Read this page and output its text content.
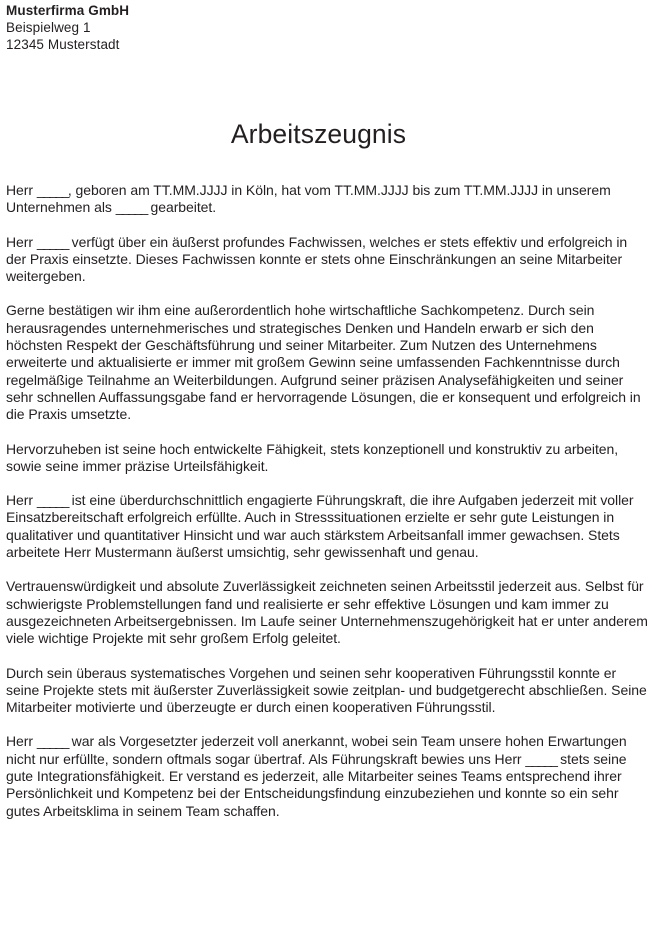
Musterfirma GmbH
Beispielweg 1
12345 Musterstadt
Arbeitszeugnis

Herr _____, geboren am TT.MM.JJJJ in Köln, hat vom TT.MM.JJJJ bis zum TT.MM.JJJJ in unserem Unternehmen als _____ gearbeitet.

Herr _____ verfügt über ein äußerst profundes Fachwissen, welches er stets effektiv und erfolgreich in der Praxis einsetzte. Dieses Fachwissen konnte er stets ohne Einschränkungen an seine Mitarbeiter weitergeben.

Gerne bestätigen wir ihm eine außerordentlich hohe wirtschaftliche Sachkompetenz. Durch sein herausragendes unternehmerisches und strategisches Denken und Handeln erwarb er sich den höchsten Respekt der Geschäftsführung und seiner Mitarbeiter. Zum Nutzen des Unternehmens erweiterte und aktualisierte er immer mit großem Gewinn seine umfassenden Fachkenntnisse durch regelmäßige Teilnahme an Weiterbildungen. Aufgrund seiner präzisen Analysefähigkeiten und seiner sehr schnellen Auffassungsgabe fand er hervorragende Lösungen, die er konsequent und erfolgreich in die Praxis umsetzte.

Hervorzuheben ist seine hoch entwickelte Fähigkeit, stets konzeptionell und konstruktiv zu arbeiten, sowie seine immer präzise Urteilsfähigkeit.

Herr _____ ist eine überdurchschnittlich engagierte Führungskraft, die ihre Aufgaben jederzeit mit voller Einsatzbereitschaft erfolgreich erfüllte. Auch in Stresssituationen erzielte er sehr gute Leistungen in qualitativer und quantitativer Hinsicht und war auch stärkstem Arbeitsanfall immer gewachsen. Stets arbeitete Herr Mustermann äußerst umsichtig, sehr gewissenhaft und genau.

Vertrauenswürdigkeit und absolute Zuverlässigkeit zeichneten seinen Arbeitsstil jederzeit aus. Selbst für schwierigste Problemstellungen fand und realisierte er sehr effektive Lösungen und kam immer zu ausgezeichneten Arbeitsergebnissen. Im Laufe seiner Unternehmenszugehörigkeit hat er unter anderem viele wichtige Projekte mit sehr großem Erfolg geleitet.

Durch sein überaus systematisches Vorgehen und seinen sehr kooperativen Führungsstil konnte er seine Projekte stets mit äußerster Zuverlässigkeit sowie zeitplan- und budgetgerecht abschließen. Seine Mitarbeiter motivierte und überzeugte er durch einen kooperativen Führungsstil.

Herr _____ war als Vorgesetzter jederzeit voll anerkannt, wobei sein Team unsere hohen Erwartungen nicht nur erfüllte, sondern oftmals sogar übertraf. Als Führungskraft bewies uns Herr _____ stets seine gute Integrationsfähigkeit. Er verstand es jederzeit, alle Mitarbeiter seines Teams entsprechend ihrer Persönlichkeit und Kompetenz bei der Entscheidungsfindung einzubeziehen und konnte so ein sehr gutes Arbeitsklima in seinem Team schaffen.
